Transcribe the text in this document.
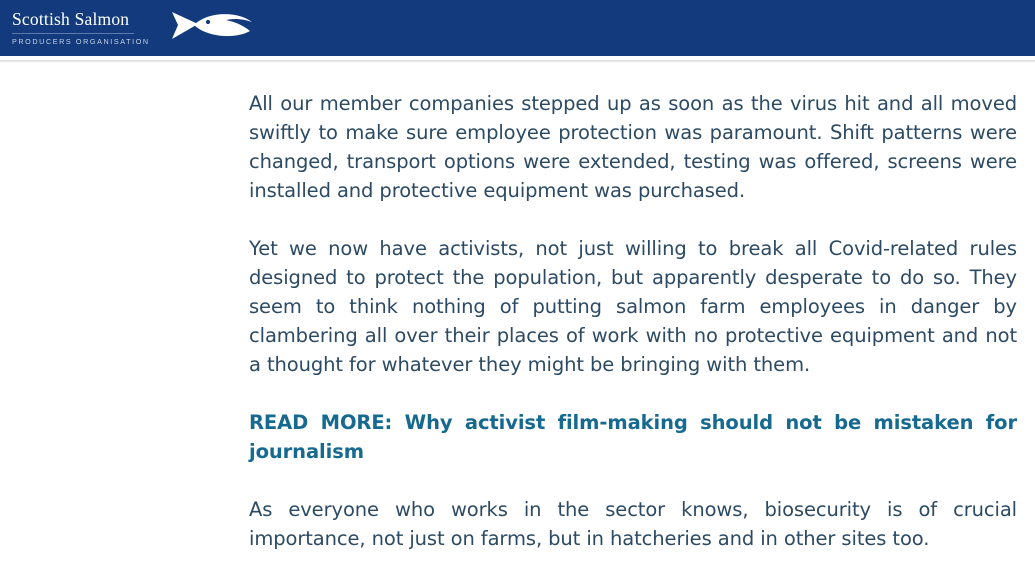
Scottish Salmon
PRODUCERS ORGANISATION

All our member companies stepped up as soon as the virus hit and all moved swiftly to make sure employee protection was paramount. Shift patterns were changed, transport options were extended, testing was offered, screens were installed and protective equipment was purchased.

Yet we now have activists, not just willing to break all Covid-related rules designed to protect the population, but apparently desperate to do so. They seem to think nothing of putting salmon farm employees in danger by clambering all over their places of work with no protective equipment and not a thought for whatever they might be bringing with them.

READ MORE: Why activist film-making should not be mistaken for journalism

As everyone who works in the sector knows, biosecurity is of crucial importance, not just on farms, but in hatcheries and in other sites too.
